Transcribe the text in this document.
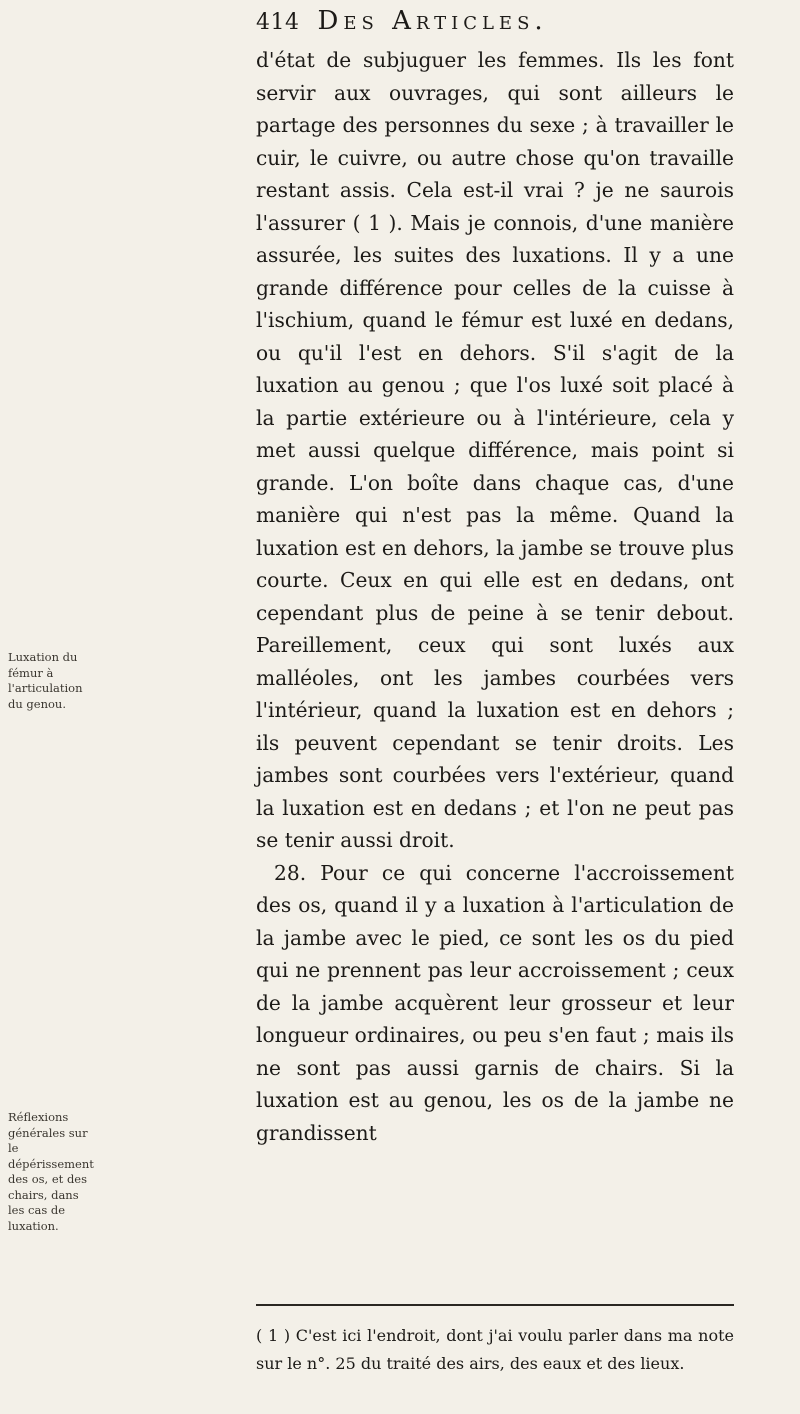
414 Des Articles.
Luxation du fémur à l'articulation du genou.
Réflexions générales sur le dépérissement des os, et des chairs, dans les cas de luxation.

d'état de subjuguer les femmes. Ils les font servir aux ouvrages, qui sont ailleurs le partage des personnes du sexe ; à travailler le cuir, le cuivre, ou autre chose qu'on travaille restant assis. Cela est-il vrai ? je ne saurois l'assurer ( 1 ). Mais je connois, d'une manière assurée, les suites des luxations. Il y a une grande différence pour celles de la cuisse à l'ischium, quand le fémur est luxé en dedans, ou qu'il l'est en dehors. S'il s'agit de la luxation au genou ; que l'os luxé soit placé à la partie extérieure ou à l'intérieure, cela y met aussi quelque différence, mais point si grande. L'on boîte dans chaque cas, d'une manière qui n'est pas la même. Quand la luxation est en dehors, la jambe se trouve plus courte. Ceux en qui elle est en dedans, ont cependant plus de peine à se tenir debout. Pareillement, ceux qui sont luxés aux malléoles, ont les jambes courbées vers l'intérieur, quand la luxation est en dehors ; ils peuvent cependant se tenir droits. Les jambes sont courbées vers l'extérieur, quand la luxation est en dedans ; et l'on ne peut pas se tenir aussi droit.

28. Pour ce qui concerne l'accroissement des os, quand il y a luxation à l'articulation de la jambe avec le pied, ce sont les os du pied qui ne prennent pas leur accroissement ; ceux de la jambe acquèrent leur grosseur et leur longueur ordinaires, ou peu s'en faut ; mais ils ne sont pas aussi garnis de chairs. Si la luxation est au genou, les os de la jambe ne grandissent

( 1 ) C'est ici l'endroit, dont j'ai voulu parler dans ma note sur le n°. 25 du traité des airs, des eaux et des lieux.
